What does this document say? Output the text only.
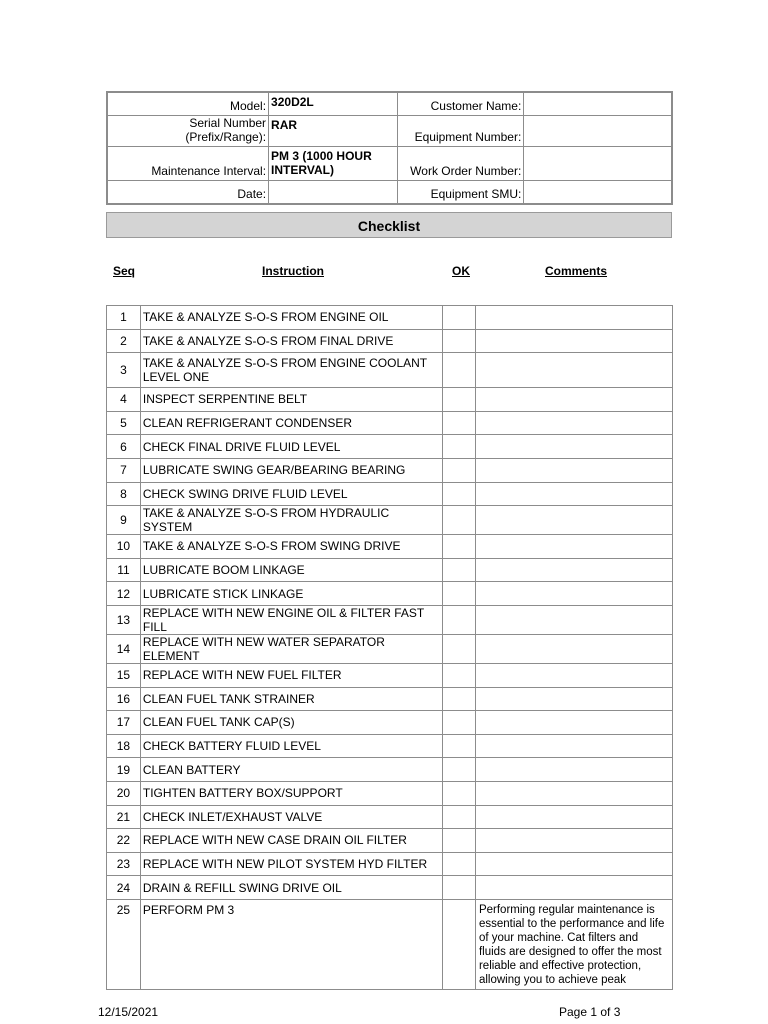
Model:	320D2L	Customer Name:	
Serial Number (Prefix/Range):	RAR	Equipment Number:	
Maintenance Interval:	PM 3 (1000 HOUR INTERVAL)	Work Order Number:	
Date:		Equipment SMU:	
Checklist
Seq	Instruction	OK	Comments
1	TAKE & ANALYZE S-O-S FROM ENGINE OIL		
2	TAKE & ANALYZE S-O-S FROM FINAL DRIVE		
3	TAKE & ANALYZE S-O-S FROM ENGINE COOLANT LEVEL ONE		
4	INSPECT SERPENTINE BELT		
5	CLEAN REFRIGERANT CONDENSER		
6	CHECK FINAL DRIVE FLUID LEVEL		
7	LUBRICATE SWING GEAR/BEARING BEARING		
8	CHECK SWING DRIVE FLUID LEVEL		
9	TAKE & ANALYZE S-O-S FROM HYDRAULIC SYSTEM		
10	TAKE & ANALYZE S-O-S FROM SWING DRIVE		
11	LUBRICATE BOOM LINKAGE		
12	LUBRICATE STICK LINKAGE		
13	REPLACE WITH NEW ENGINE OIL & FILTER FAST FILL		
14	REPLACE WITH NEW WATER SEPARATOR ELEMENT		
15	REPLACE WITH NEW FUEL FILTER		
16	CLEAN FUEL TANK STRAINER		
17	CLEAN FUEL TANK CAP(S)		
18	CHECK BATTERY FLUID LEVEL		
19	CLEAN BATTERY		
20	TIGHTEN BATTERY BOX/SUPPORT		
21	CHECK INLET/EXHAUST VALVE		
22	REPLACE WITH NEW CASE DRAIN OIL FILTER		
23	REPLACE WITH NEW PILOT SYSTEM HYD FILTER		
24	DRAIN & REFILL SWING DRIVE OIL		
25	PERFORM PM 3		Performing regular maintenance is essential to the performance and life of your machine. Cat filters and fluids are designed to offer the most reliable and effective protection, allowing you to achieve peak
12/15/2021	Page 1 of 3
